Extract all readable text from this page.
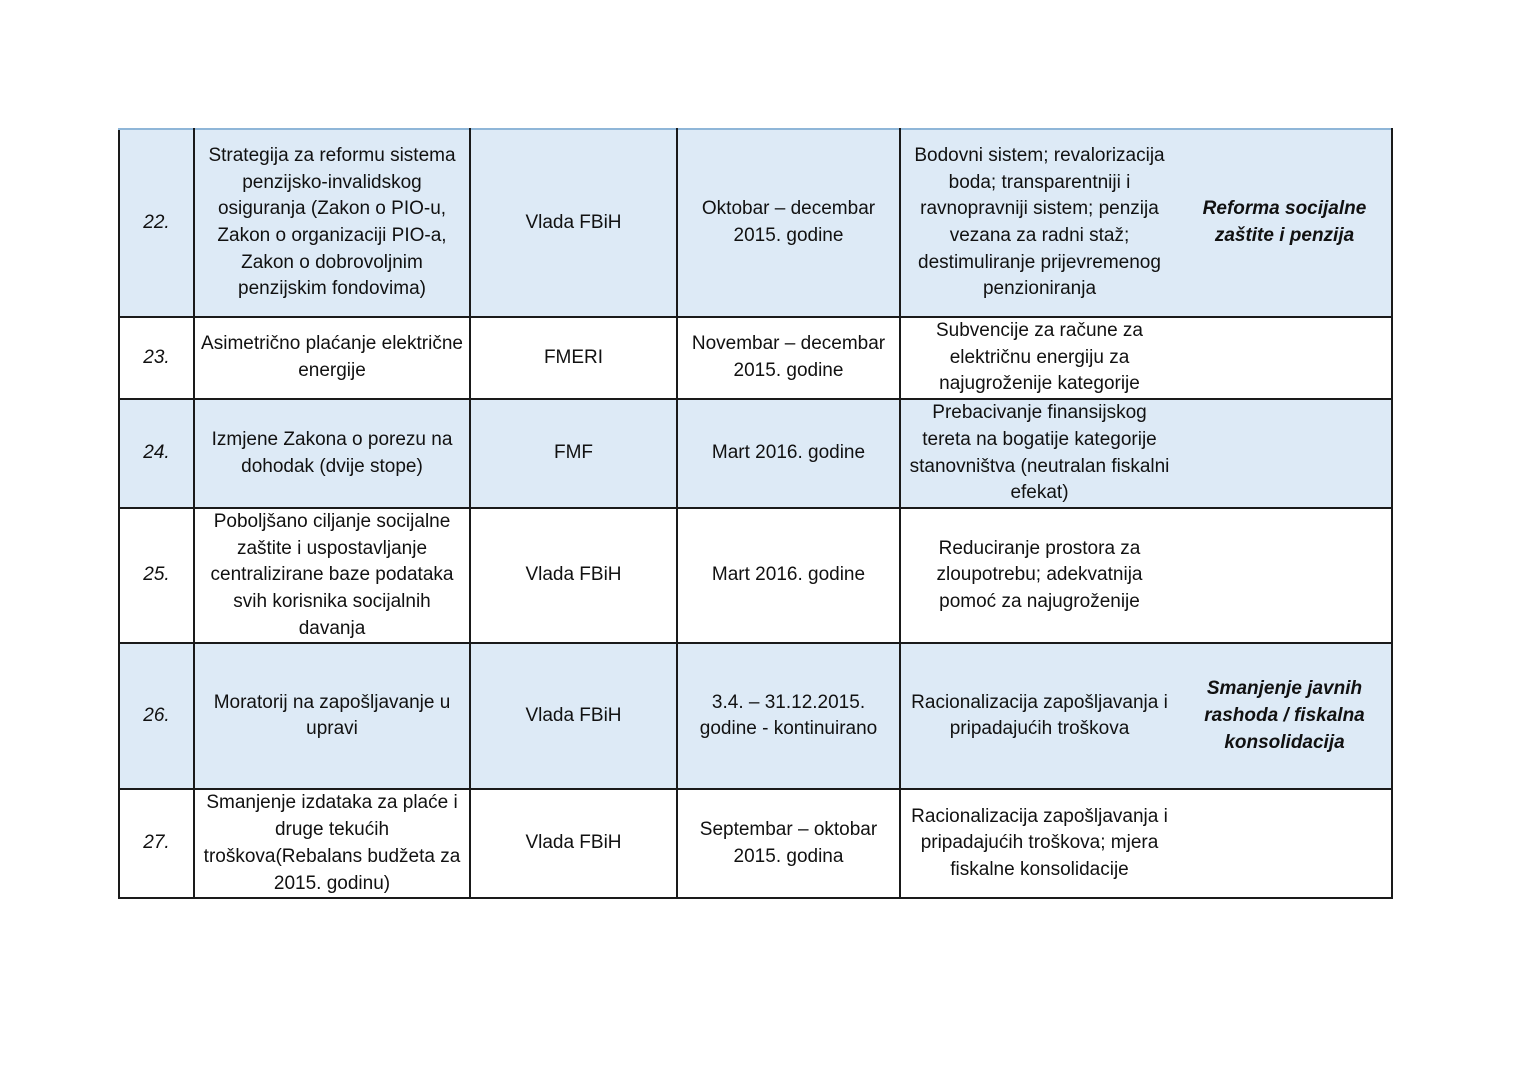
22.	Strategija za reformu sistema penzijsko-invalidskog osiguranja (Zakon o PIO-u, Zakon o organizaciji PIO-a, Zakon o dobrovoljnim penzijskim fondovima)	Vlada FBiH	Oktobar – decembar 2015. godine	Bodovni sistem; revalorizacija boda; transparentniji i ravnopravniji sistem; penzija vezana za radni staž; destimuliranje prijevremenog penzioniranja	Reforma socijalne zaštite i penzija
23.	Asimetrično plaćanje električne energije	FMERI	Novembar – decembar 2015. godine	Subvencije za račune za električnu energiju za najugroženije kategorije	
24.	Izmjene Zakona o porezu na dohodak (dvije stope)	FMF	Mart 2016. godine	Prebacivanje finansijskog tereta na bogatije kategorije stanovništva (neutralan fiskalni efekat)	
25.	Poboljšano ciljanje socijalne zaštite i uspostavljanje centralizirane baze podataka svih korisnika socijalnih davanja	Vlada FBiH	Mart 2016. godine	Reduciranje prostora za zloupotrebu; adekvatnija pomoć za najugroženije	
26.	Moratorij na zapošljavanje u upravi	Vlada FBiH	3.4. – 31.12.2015. godine - kontinuirano	Racionalizacija zapošljavanja i pripadajućih troškova	Smanjenje javnih rashoda / fiskalna konsolidacija
27.	Smanjenje izdataka za plaće i druge tekućih troškova(Rebalans budžeta za 2015. godinu)	Vlada FBiH	Septembar – oktobar 2015. godina	Racionalizacija zapošljavanja i pripadajućih troškova; mjera fiskalne konsolidacije	
